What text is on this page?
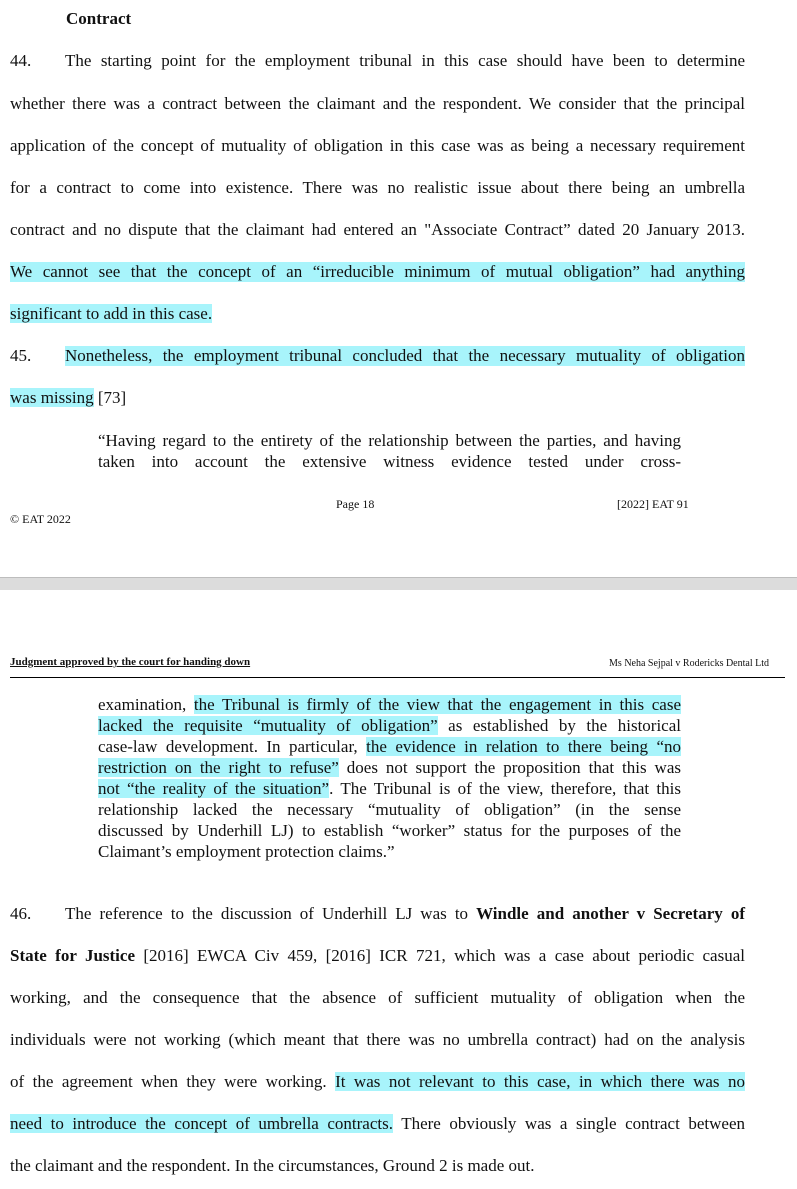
Contract
44. The starting point for the employment tribunal in this case should have been to determine
whether there was a contract between the claimant and the respondent. We consider that the principal
application of the concept of mutuality of obligation in this case was as being a necessary requirement
for a contract to come into existence. There was no realistic issue about there being an umbrella
contract and no dispute that the claimant had entered an "Associate Contract” dated 20 January 2013.
We cannot see that the concept of an “irreducible minimum of mutual obligation” had anything
significant to add in this case.
45. Nonetheless, the employment tribunal concluded that the necessary mutuality of obligation
was missing [73]
“Having regard to the entirety of the relationship between the parties, and having
taken into account the extensive witness evidence tested under cross-
Page 18	[2022] EAT 91
© EAT 2022
Judgment approved by the court for handing down	Ms Neha Sejpal v Rodericks Dental Ltd
examination, the Tribunal is firmly of the view that the engagement in this case
lacked the requisite “mutuality of obligation” as established by the historical
case-law development. In particular, the evidence in relation to there being “no
restriction on the right to refuse” does not support the proposition that this was
not “the reality of the situation”. The Tribunal is of the view, therefore, that this
relationship lacked the necessary “mutuality of obligation” (in the sense
discussed by Underhill LJ) to establish “worker” status for the purposes of the
Claimant’s employment protection claims.”
46. The reference to the discussion of Underhill LJ was to Windle and another v Secretary of
State for Justice [2016] EWCA Civ 459, [2016] ICR 721, which was a case about periodic casual
working, and the consequence that the absence of sufficient mutuality of obligation when the
individuals were not working (which meant that there was no umbrella contract) had on the analysis
of the agreement when they were working. It was not relevant to this case, in which there was no
need to introduce the concept of umbrella contracts. There obviously was a single contract between
the claimant and the respondent. In the circumstances, Ground 2 is made out.
